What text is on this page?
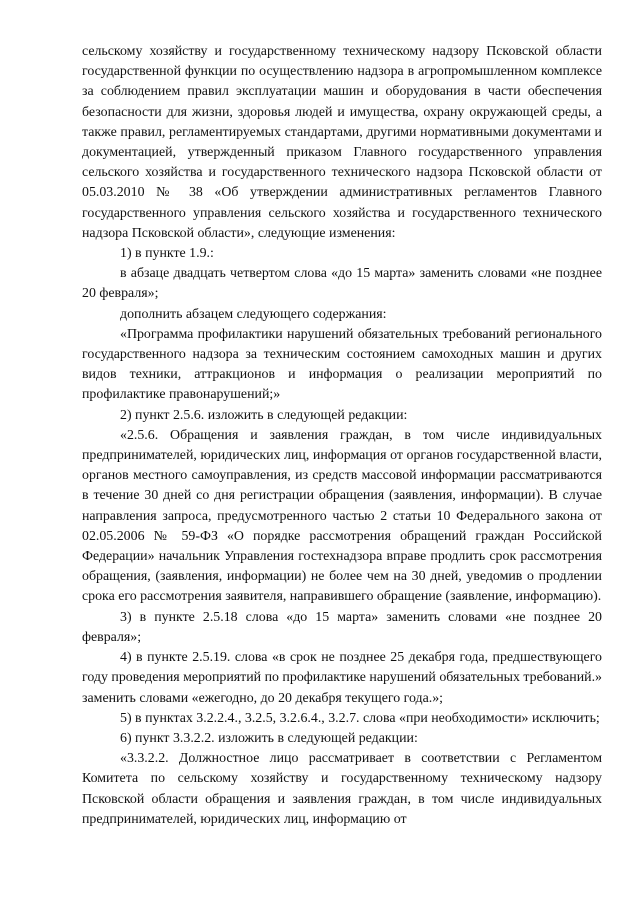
сельскому хозяйству и государственному техническому надзору Псковской области государственной функции по осуществлению надзора в агропромышленном комплексе за соблюдением правил эксплуатации машин и оборудования в части обеспечения безопасности для жизни, здоровья людей и имущества, охрану окружающей среды, а также правил, регламентируемых стандартами, другими нормативными документами и документацией, утвержденный приказом Главного государственного управления сельского хозяйства и государственного технического надзора Псковской области от 05.03.2010 № 38 «Об утверждении административных регламентов Главного государственного управления сельского хозяйства и государственного технического надзора Псковской области», следующие изменения:

1) в пункте 1.9.:

в абзаце двадцать четвертом слова «до 15 марта» заменить словами «не позднее 20 февраля»;

дополнить абзацем следующего содержания:

«Программа профилактики нарушений обязательных требований регионального государственного надзора за техническим состоянием самоходных машин и других видов техники, аттракционов и информация о реализации мероприятий по профилактике правонарушений;»

2) пункт 2.5.6. изложить в следующей редакции:

«2.5.6. Обращения и заявления граждан, в том числе индивидуальных предпринимателей, юридических лиц, информация от органов государственной власти, органов местного самоуправления, из средств массовой информации рассматриваются в течение 30 дней со дня регистрации обращения (заявления, информации). В случае направления запроса, предусмотренного частью 2 статьи 10 Федерального закона от 02.05.2006 № 59-ФЗ «О порядке рассмотрения обращений граждан Российской Федерации» начальник Управления гостехнадзора вправе продлить срок рассмотрения обращения, (заявления, информации) не более чем на 30 дней, уведомив о продлении срока его рассмотрения заявителя, направившего обращение (заявление, информацию).

3) в пункте 2.5.18 слова «до 15 марта» заменить словами «не позднее 20 февраля»;

4) в пункте 2.5.19. слова «в срок не позднее 25 декабря года, предшествующего году проведения мероприятий по профилактике нарушений обязательных требований.» заменить словами «ежегодно, до 20 декабря текущего года.»;

5) в пунктах 3.2.2.4., 3.2.5, 3.2.6.4., 3.2.7. слова «при необходимости» исключить;

6) пункт 3.3.2.2. изложить в следующей редакции:

«3.3.2.2. Должностное лицо рассматривает в соответствии с Регламентом Комитета по сельскому хозяйству и государственному техническому надзору Псковской области обращения и заявления граждан, в том числе индивидуальных предпринимателей, юридических лиц, информацию от
